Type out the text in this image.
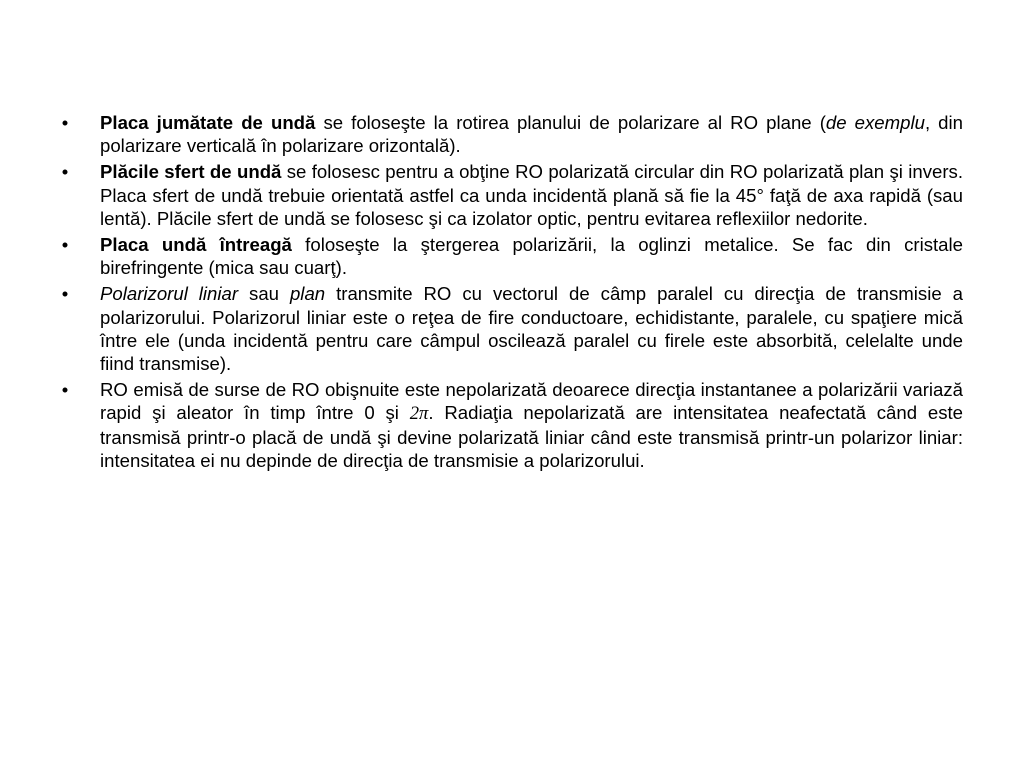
• Placa jumătate de undă se foloseşte la rotirea planului de polarizare al RO plane (de exemplu, din polarizare verticală în polarizare orizontală).
• Plăcile sfert de undă se folosesc pentru a obţine RO polarizată circular din RO polarizată plan şi invers. Placa sfert de undă trebuie orientată astfel ca unda incidentă plană să fie la 45° faţă de axa rapidă (sau lentă). Plăcile sfert de undă se folosesc şi ca izolator optic, pentru evitarea reflexiilor nedorite.
• Placa undă întreagă foloseşte la ştergerea polarizării, la oglinzi metalice. Se fac din cristale birefringente (mica sau cuarţ).
• Polarizorul liniar sau plan transmite RO cu vectorul de câmp paralel cu direcţia de transmisie a polarizorului. Polarizorul liniar este o reţea de fire conductoare, echidistante, paralele, cu spaţiere mică între ele (unda incidentă pentru care câmpul oscilează paralel cu firele este absorbită, celelalte unde fiind transmise).
• RO emisă de surse de RO obişnuite este nepolarizată deoarece direcţia instantanee a polarizării variază rapid şi aleator în timp între 0 şi 2π. Radiaţia nepolarizată are intensitatea neafectată când este transmisă printr-o placă de undă şi devine polarizată liniar când este transmisă printr-un polarizor liniar: intensitatea ei nu depinde de direcţia de transmisie a polarizorului.
